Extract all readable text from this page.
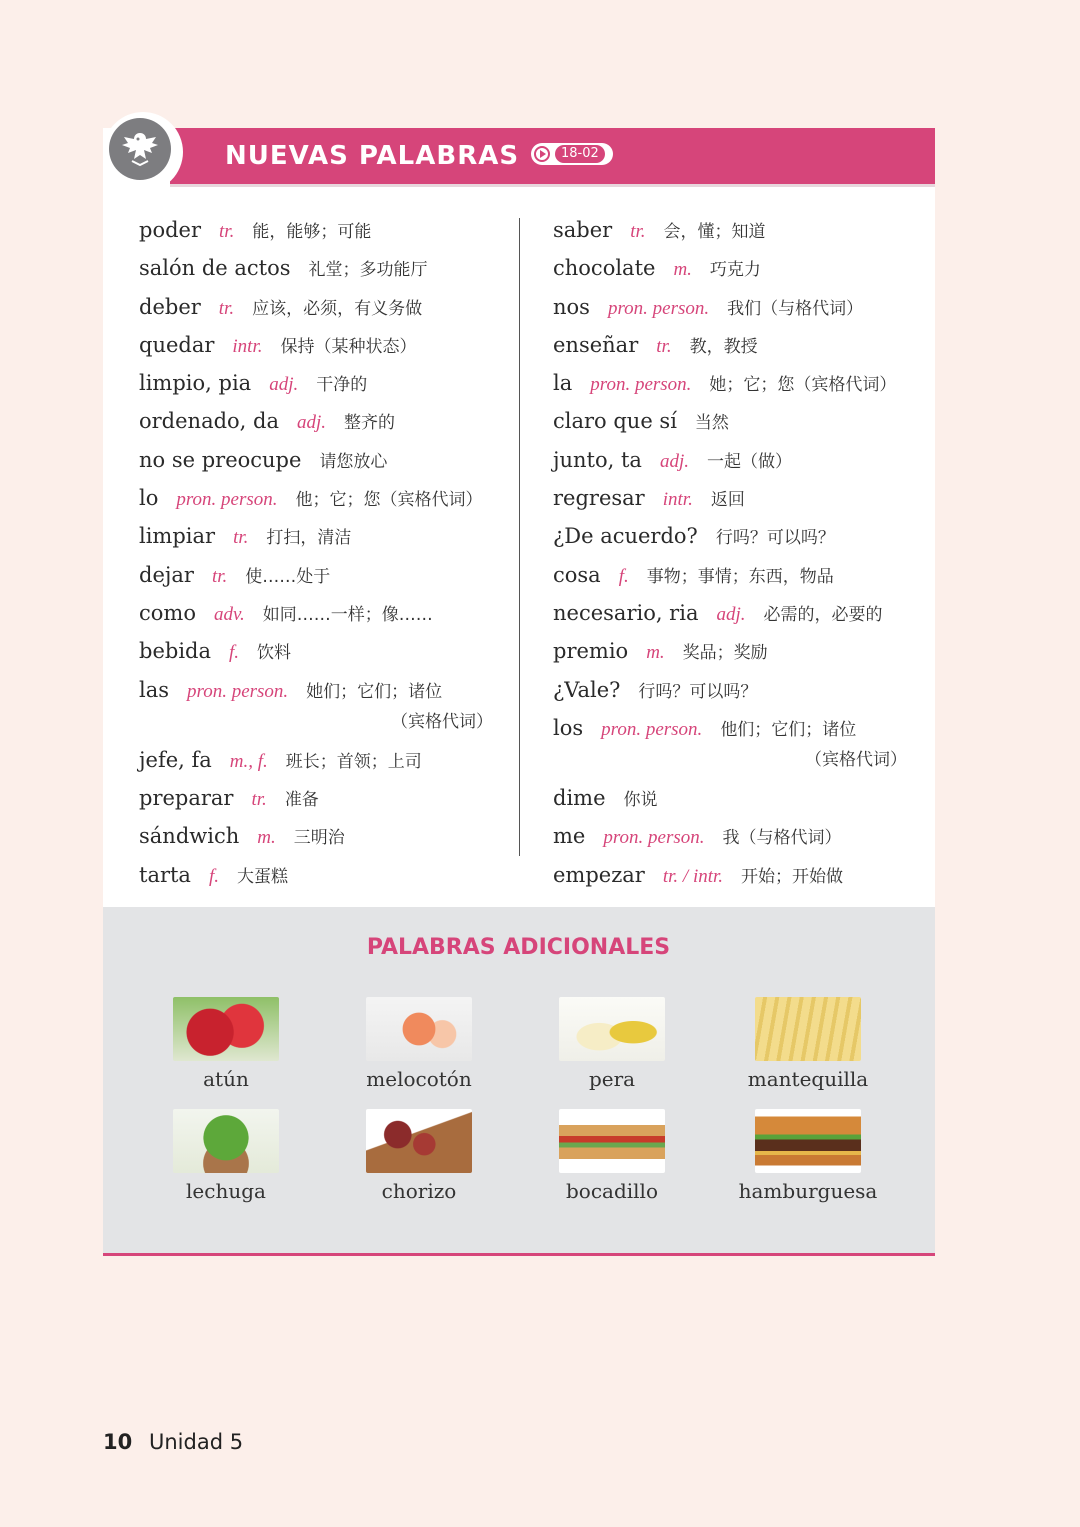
NUEVAS PALABRAS	18-02
poder tr. 能，能够；可能
salón de actos 礼堂；多功能厅
deber tr. 应该，必须，有义务做
quedar intr. 保持（某种状态）
limpio, pia adj. 干净的
ordenado, da adj. 整齐的
no se preocupe 请您放心
lo pron. person. 他；它；您（宾格代词）
limpiar tr. 打扫，清洁
dejar tr. 使……处于
como adv. 如同……一样；像……
bebida f. 饮料
las pron. person. 她们；它们；诸位
（宾格代词）
jefe, fa m., f. 班长；首领；上司
preparar tr. 准备
sándwich m. 三明治
tarta f. 大蛋糕
saber tr. 会，懂；知道
chocolate m. 巧克力
nos pron. person. 我们（与格代词）
enseñar tr. 教，教授
la pron. person. 她；它；您（宾格代词）
claro que sí 当然
junto, ta adj. 一起（做）
regresar intr. 返回
¿De acuerdo? 行吗？可以吗？
cosa f. 事物；事情；东西，物品
necesario, ria adj. 必需的，必要的
premio m. 奖品；奖励
¿Vale? 行吗？可以吗？
los pron. person. 他们；它们；诸位
（宾格代词）
dime 你说
me pron. person. 我（与格代词）
empezar tr. / intr. 开始；开始做
PALABRAS ADICIONALES
atún	melocotón	pera	mantequilla
lechuga	chorizo	bocadillo	hamburguesa
10 Unidad 5
